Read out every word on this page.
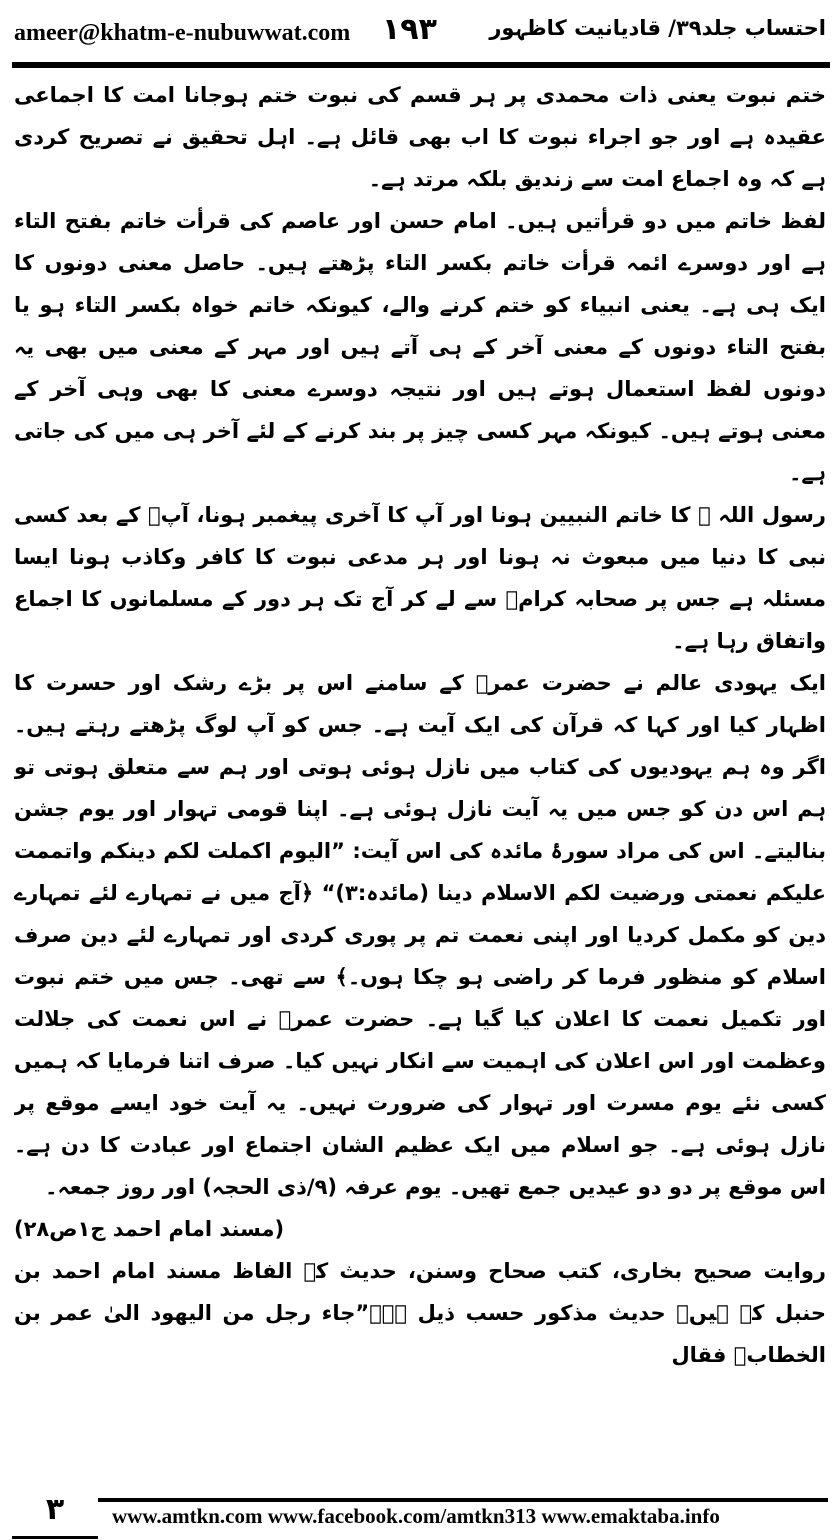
ameer@khatm-e-nubuwwat.com ۱۹۳ احتساب جلد۳۹/ قادیانیت کاظہور

ختم نبوت یعنی ذات محمدی پر ہر قسم کی نبوت ختم ہوجانا امت کا اجماعی عقیدہ ہے اور جو اجراء نبوت کا اب بھی قائل ہے۔ اہل تحقیق نے تصریح کردی ہے کہ وہ اجماع امت سے زندیق بلکہ مرتد ہے۔

لفظ خاتم میں دو قرأتیں ہیں۔ امام حسن اور عاصم کی قرأت خاتم بفتح التاء ہے اور دوسرے ائمہ قرأت خاتم بکسر التاء پڑھتے ہیں۔ حاصل معنی دونوں کا ایک ہی ہے۔ یعنی انبیاء کو ختم کرنے والے، کیونکہ خاتم خواہ بکسر التاء ہو یا بفتح التاء دونوں کے معنی آخر کے ہی آتے ہیں اور مہر کے معنی میں بھی یہ دونوں لفظ استعمال ہوتے ہیں اور نتیجہ دوسرے معنی کا بھی وہی آخر کے معنی ہوتے ہیں۔ کیونکہ مہر کسی چیز پر بند کرنے کے لئے آخر ہی میں کی جاتی ہے۔

رسول اللہ ﷺ کا خاتم النبیین ہونا اور آپ کا آخری پیغمبر ہونا، آپؐ کے بعد کسی نبی کا دنیا میں مبعوث نہ ہونا اور ہر مدعی نبوت کا کافر وکاذب ہونا ایسا مسئلہ ہے جس پر صحابہ کرامؓ سے لے کر آج تک ہر دور کے مسلمانوں کا اجماع واتفاق رہا ہے۔

ایک یہودی عالم نے حضرت عمرؓ کے سامنے اس پر بڑے رشک اور حسرت کا اظہار کیا اور کہا کہ قرآن کی ایک آیت ہے۔ جس کو آپ لوگ پڑھتے رہتے ہیں۔ اگر وہ ہم یہودیوں کی کتاب میں نازل ہوئی ہوتی اور ہم سے متعلق ہوتی تو ہم اس دن کو جس میں یہ آیت نازل ہوئی ہے۔ اپنا قومی تہوار اور یوم جشن بنالیتے۔ اس کی مراد سورۂ مائدہ کی اس آیت: ”الیوم اکملت لکم دینکم واتممت علیکم نعمتی ورضیت لکم الاسلام دینا (مائدہ:۳)“ ﴿آج میں نے تمہارے لئے تمہارے دین کو مکمل کردیا اور اپنی نعمت تم پر پوری کردی اور تمہارے لئے دین صرف اسلام کو منظور فرما کر راضی ہو چکا ہوں۔﴾ سے تھی۔ جس میں ختم نبوت اور تکمیل نعمت کا اعلان کیا گیا ہے۔ حضرت عمرؓ نے اس نعمت کی جلالت وعظمت اور اس اعلان کی اہمیت سے انکار نہیں کیا۔ صرف اتنا فرمایا کہ ہمیں کسی نئے یوم مسرت اور تہوار کی ضرورت نہیں۔ یہ آیت خود ایسے موقع پر نازل ہوئی ہے۔ جو اسلام میں ایک عظیم الشان اجتماع اور عبادت کا دن ہے۔ اس موقع پر دو دو عیدیں جمع تھیں۔ یوم عرفہ (۹/ذی الحجہ) اور روز جمعہ۔

(مسند امام احمد ج۱ص۲۸)

روایت صحیح بخاری، کتب صحاح وسنن، حدیث کے الفاظ مسند امام احمد بن حنبل کے ہیں۔ حدیث مذکور حسب ذیل ہے۔”جاء رجل من الیھود الیٰ عمر بن الخطابؓ فقال

۳	www.amtkn.com www.facebook.com/amtkn313 www.emaktaba.info
